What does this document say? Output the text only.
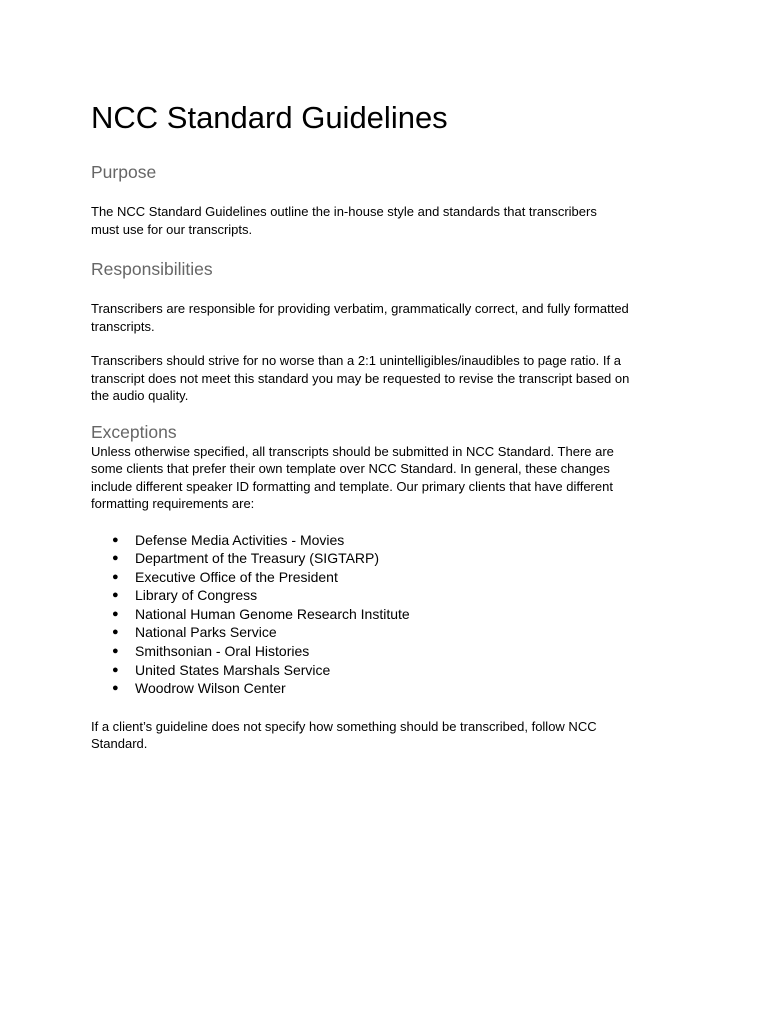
NCC Standard Guidelines
Purpose

The NCC Standard Guidelines outline the in-house style and standards that transcribers
must use for our transcripts.

Responsibilities

Transcribers are responsible for providing verbatim, grammatically correct, and fully formatted
transcripts.

Transcribers should strive for no worse than a 2:1 unintelligibles/inaudibles to page ratio. If a
transcript does not meet this standard you may be requested to revise the transcript based on
the audio quality.

Exceptions

Unless otherwise specified, all transcripts should be submitted in NCC Standard. There are
some clients that prefer their own template over NCC Standard. In general, these changes
include different speaker ID formatting and template. Our primary clients that have different
formatting requirements are:

● Defense Media Activities - Movies
● Department of the Treasury (SIGTARP)
● Executive Office of the President
● Library of Congress
● National Human Genome Research Institute
● National Parks Service
● Smithsonian - Oral Histories
● United States Marshals Service
● Woodrow Wilson Center

If a client’s guideline does not specify how something should be transcribed, follow NCC
Standard.
